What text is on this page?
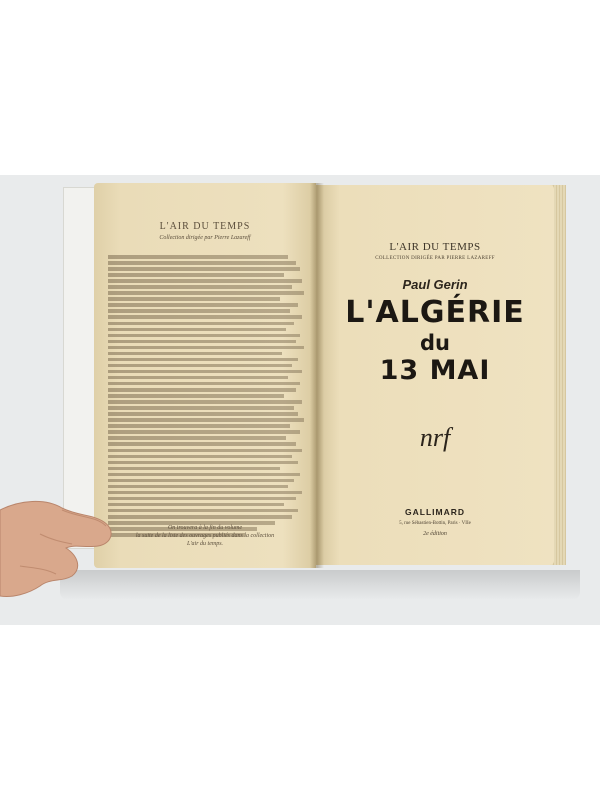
L'AIR DU TEMPS
Collection dirigée par Pierre Lazareff
On trouvera à la fin du volume
la suite de la liste des ouvrages publiés dans la collection
L'air du temps.
L'AIR DU TEMPS
COLLECTION DIRIGÉE PAR PIERRE LAZAREFF
Paul Gerin
L'ALGÉRIE
du
13 MAI
nrf
GALLIMARD
5, rue Sébastien-Bottin, Paris · VIIe
2e édition
